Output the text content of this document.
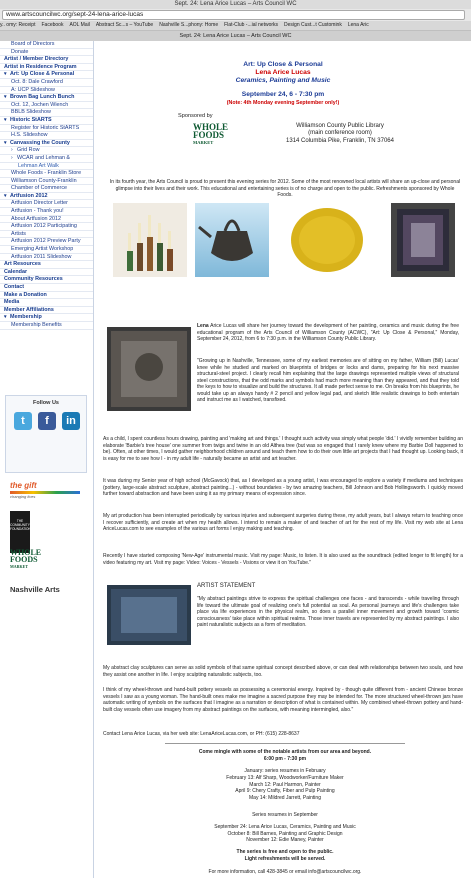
Sept. 24: Lena Arice Lucas – Arts Council WC
www.artscouncilwc.org/sept-24-lena-arice-lucas
y.. omy: Receipt Facebook AOL Mail Abstract Sc...s – YouTube Nashville S...phony: Home Flat-Club -...ial networks Design Cust...t Customink Lena Aric
Sept. 24: Lena Arice Lucas – Arts Council WC
Board of Directors
Donate
Artist / Member Directory
Artist in Residence Program
▾ Art: Up Close & Personal
Oct. 8: Dale Crawford
A: UCP Slideshow
▾ Brown Bag Lunch Bunch
Oct. 12, Jochen Wiench
BBLB Slideshow
▾ Historic StARTS
Register for Historic StARTS
H.S. Slideshow
▾ Canvassing the County
› Grid Row
› WCAR and Lehman &
Lehman Art Walk
Whole Foods - Franklin Store
Williamson County-Franklin
Chamber of Commerce
▾ Artfusion 2012
Artfusion Director Letter
Artfusion - Thank you!
About Artfusion 2012
Artfusion 2012 Participating
Artists
Artfusion 2012 Preview Party
Emerging Artist Workshop
Artfusion 2011 Slideshow
Art Resources
Calendar
Community Resources
Contact
Make a Donation
Media
Member Affiliations
▾ Membership
Membership Benefits
Follow Us
t	f	in
the gift
changing lives
THE COMMUNITY FOUNDATION
WHOLE
FOODS
MARKET
Nashville Arts
Art: Up Close & Personal
Lena Arice Lucas
Ceramics, Painting and Music
September 24, 6 - 7:30 pm
(Note: 4th Monday evening September only!)
Sponsored by
WHOLE
FOODS
MARKET
Williamson County Public Library
(main conference room)
1314 Columbia Pike, Franklin, TN 37064
In its fourth year, the Arts Council is proud to present this evening series for 2012. Some of the most renowned local artists will share an up-close and personal glimpse into their lives and their work. This educational and entertaining series is of no charge and open to the public. Refreshments sponsored by Whole Foods.
Lena Arice Lucas will share her journey toward the development of her painting, ceramics and music during the free educational program of the Arts Council of Williamson County (ACWC), "Art: Up Close & Personal," Monday, September 24, 2012, from 6 to 7:30 p.m. in the Williamson County Public Library.
"Growing up in Nashville, Tennessee, some of my earliest memories are of sitting on my father, William (Bill) Lucas' knee while he studied and marked on blueprints of bridges or locks and dams, preparing for his next massive structural-steel project. I clearly recall him explaining that the large drawings represented multiple views of structural steel constructions, that the odd marks and symbols had much more meaning than they appeared, and that they told the keys to how to visualize and build the structures. It all made perfect sense to me. On breaks from his blueprints, he would take up an always handy # 2 pencil and yellow legal pad, and sketch little realistic drawings to both entertain and instruct me as I watched, transfixed.
As a child, I spent countless hours drawing, painting and 'making art and things.' I thought such activity was simply what people 'did.' I vividly remember building an elaborate 'Barbie's tree house' one summer from twigs and twine in an old Althea tree (but was so engaged that I rarely knew where my Barbie Doll happened to be). Often, at other times, I would gather neighborhood children around and teach them how to do their own little art projects that I had thought up. Looking back, it is easy for me to see how I - in my adult life - naturally became an artist and art teacher.
It was during my Senior year of high school (McGavock) that, as I developed as a young artist, I was encouraged to explore a variety if mediums and techniques (pottery, large-scale abstract sculpture, abstract painting...) - without boundaries - by two amazing teachers, Bill Johnson and Bob Hollingsworth. I quickly moved further toward abstraction and have been using it as my primary means of expression since.
My art production has been interrupted periodically by various injuries and subsequent surgeries during these, my adult years, but I always return to teaching once I recover sufficiently, and create art when my health allows. I intend to remain a maker of and teacher of art for the rest of my life. Visit my web site at Lena AriceLucas.com to see examples of the various art forms I enjoy making and teaching.
Recently I have started composing 'New-Age' instrumental music. Visit my page: Music, to listen. It is also used as the soundtrack (edited longer to fit length) for a video featuring my art. Visit my page: Video: Voices - Vessels - Visions or view it on YouTube."
ARTIST STATEMENT
"My abstract paintings strive to express the spiritual challenges one faces - and transcends - while traveling through life toward the ultimate goal of realizing one's full potential as soul. As personal journeys and life's challenges take place via life experiences in the physical realm, so does a parallel inner movement and growth toward 'cosmic consciousness' take place within spiritual realms. Those inner travels are represented by my abstract paintings. I also paint naturalistic subjects as a form of meditation.
My abstract clay sculptures can serve as solid symbols of that same spiritual concept described above, or can deal with relationships between two souls, and how they assist one another in life. I enjoy sculpting naturalistic subjects, too.
I think of my wheel-thrown and hand-built pottery vessels as possessing a ceremonial energy. Inspired by - though quite different from - ancient Chinese bronze vessels I saw as a young woman. The hand-built ones make me imagine a sacred purpose they may be intended for. The more structured wheel-thrown jars have automatic writing of symbols on the surfaces that I imagine as a narration or description of what is contained within. My combined wheel-thrown pottery and hand-built clay vessels often use imagery from my abstract paintings on the surfaces, with meaning intermingled, also."
Contact Lena Arice Lucas, via her web site: LenaAriceLucas.com, or PH: (615) 228-8637
Come mingle with some of the notable artists from our area and beyond.
6:00 pm - 7:30 pm
January: series resumes in February
February 13: Alf Sharp, Woodworker/Furniture Maker
March 12: Paul Harmon, Painter
April 9: Chery Crafty, Fiber and Pulp Painting
May 14: Mildred Jarrett, Painting
Series resumes in September
September 24: Lena Arice Lucas, Ceramics, Painting and Music
October 8: Bill Barnes, Painting and Graphic Design
November 12: Edie Maney, Painter
The series is free and open to the public.
Light refreshments will be served.
For more information, call 428-3845 or email info@artscouncilwc.org.
